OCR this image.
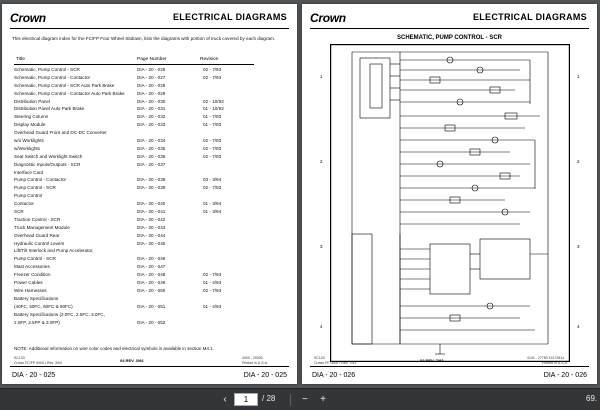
Crown	ELECTRICAL DIAGRAMS
This electrical diagram index for the FC/FP Four Wheel Sitdown, lists the diagrams with portion of truck covered by each diagram.
Title	Page Number	Revision
Schematic, Pump Control - SCR	DIA - 20 - 026	02 - 7/93
Schematic, Pump Control - Contactor	DIA - 20 - 027	02 - 7/93
Schematic, Pump Control - SCR Auto Park Brake	DIA - 20 - 028
Schematic, Pump Control - Contactor Auto Park Brake	DIA - 20 - 029
Distribution Panel	DIA - 20 - 030	02 - 10/93
Distribution Panel Auto Park Brake	DIA - 20 - 031	01 - 10/93
Steering Column	DIA - 20 - 032	01 - 7/93
Display Module	DIA - 20 - 033	01 - 7/93
Overhead Guard Front and DC-DC Converter
w/o Worklights	DIA - 20 - 034	02 - 7/93
w/Worklights	DIA - 20 - 035	02 - 7/93
Seat Switch and Worklight Switch	DIA - 20 - 036	02 - 7/93
Diagnostic Inputs/Outputs - SCR	DIA - 20 - 037
Interface Card
Pump Control - Contactor	DIA - 20 - 038	03 - 3/94
Pump Control - SCR	DIA - 20 - 039	02 - 7/93
Pump Control
Contactor	DIA - 20 - 040	01 - 3/94
SCR	DIA - 20 - 041	01 - 3/94
Traction Control - SCR	DIA - 20 - 042
Truck Management Module	DIA - 20 - 043
Overhead Guard Rear	DIA - 20 - 044
Hydraulic Control Levers	DIA - 20 - 045
Lift/Tilt Interlock and Pump Accelerator,
Pump Control - SCR	DIA - 20 - 046
Mast Accessories	DIA - 20 - 047
Freezer Condition	DIA - 20 - 048	02 - 7/93
Power Cables	DIA - 20 - 049	01 - 4/93
Wire Harnesses	DIA - 20 - 050	02 - 7/93
Battery Specifications
(40FC, 50FC, 60FC & 80FC)	DIA - 20 - 051	01 - 4/93
Battery Specifications (2.0FC, 2.5FC, 3.0FC,
2.0FP, 2.5FP & 3.0FP)	DIA - 20 - 052
NOTE: Additional information on wire color codes and electrical symbols is available in section M4.1.
SC133
Crown FC/FP 0000 • Rev. 3/94	04 REV. 3/94	4000 - 20003
Printed in U.S.A.
DIA - 20 - 025	DIA - 20 - 025
Crown	ELECTRICAL DIAGRAMS
SCHEMATIC, PUMP CONTROL - SCR
1
2
3
4
1
2
3
4
SC133
Crown FP 0000 • Rev. 7/93	02 REV. 7/93	4141 - 27783 13172814
Printed in U.S.A.
DIA - 20 - 026	DIA - 20 - 026
‹	1	/ 28	−	+	69.
